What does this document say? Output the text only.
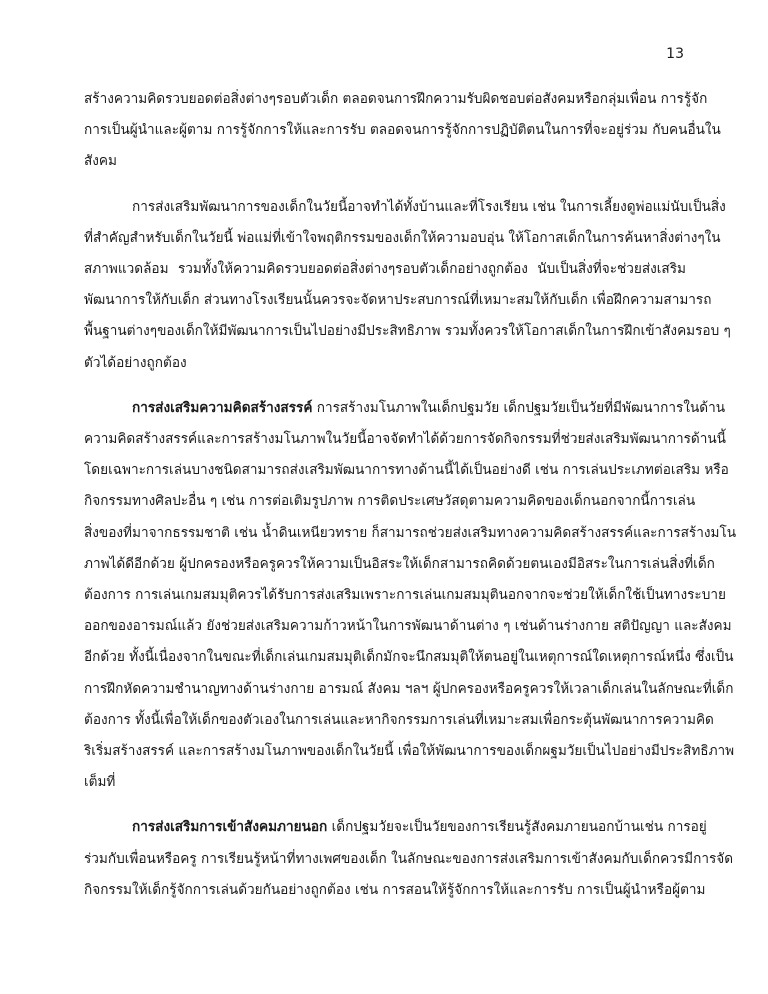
13
สร้างความคิดรวบยอดต่อสิ่งต่างๆรอบตัวเด็ก ตลอดจนการฝึกความรับผิดชอบต่อสังคมหรือกลุ่มเพื่อน การรู้จัก
การเป็นผู้นำและผู้ตาม การรู้จักการให้และการรับ ตลอดจนการรู้จักการปฏิบัติตนในการที่จะอยู่ร่วม กับคนอื่นใน
สังคม
การส่งเสริมพัฒนาการของเด็กในวัยนี้อาจทำได้ทั้งบ้านและที่โรงเรียน เช่น ในการเลี้ยงดูพ่อแม่นับเป็นสิ่ง
ที่สำคัญสำหรับเด็กในวัยนี้ พ่อแม่ที่เข้าใจพฤติกรรมของเด็กให้ความอบอุ่น ให้โอกาสเด็กในการค้นหาสิ่งต่างๆใน
สภาพแวดล้อม รวมทั้งให้ความคิดรวบยอดต่อสิ่งต่างๆรอบตัวเด็กอย่างถูกต้อง นับเป็นสิ่งที่จะช่วยส่งเสริม
พัฒนาการให้กับเด็ก ส่วนทางโรงเรียนนั้นควรจะจัดหาประสบการณ์ที่เหมาะสมให้กับเด็ก เพื่อฝึกความสามารถ
พื้นฐานต่างๆของเด็กให้มีพัฒนาการเป็นไปอย่างมีประสิทธิภาพ รวมทั้งควรให้โอกาสเด็กในการฝึกเข้าสังคมรอบ ๆ
ตัวได้อย่างถูกต้อง
การส่งเสริมความคิดสร้างสรรค์ การสร้างมโนภาพในเด็กปฐมวัย เด็กปฐมวัยเป็นวัยที่มีพัฒนาการในด้าน
ความคิดสร้างสรรค์และการสร้างมโนภาพในวัยนี้อาจจัดทำได้ด้วยการจัดกิจกรรมที่ช่วยส่งเสริมพัฒนาการด้านนี้
โดยเฉพาะการเล่นบางชนิดสามารถส่งเสริมพัฒนาการทางด้านนี้ได้เป็นอย่างดี เช่น การเล่นประเภทต่อเสริม หรือ
กิจกรรมทางศิลปะอื่น ๆ เช่น การต่อเติมรูปภาพ การติดประเศษวัสดุตามความคิดของเด็กนอกจากนี้การเล่น
สิ่งของที่มาจากธรรมชาติ เช่น น้ำดินเหนียวทราย ก็สามารถช่วยส่งเสริมทางความคิดสร้างสรรค์และการสร้างมโน
ภาพได้ดีอีกด้วย ผู้ปกครองหรือครูควรให้ความเป็นอิสระให้เด็กสามารถคิดด้วยตนเองมีอิสระในการเล่นสิ่งที่เด็ก
ต้องการ การเล่นเกมสมมุติควรได้รับการส่งเสริมเพราะการเล่นเกมสมมุตินอกจากจะช่วยให้เด็กใช้เป็นทางระบาย
ออกของอารมณ์แล้ว ยังช่วยส่งเสริมความก้าวหน้าในการพัฒนาด้านต่าง ๆ เช่นด้านร่างกาย สติปัญญา และสังคม
อีกด้วย ทั้งนี้เนื่องจากในขณะที่เด็กเล่นเกมสมมุติเด็กมักจะนึกสมมุติให้ตนอยู่ในเหตุการณ์ใดเหตุการณ์หนึ่ง ซึ่งเป็น
การฝึกหัดความชำนาญทางด้านร่างกาย อารมณ์ สังคม ฯลฯ ผู้ปกครองหรือครูควรให้เวลาเด็กเล่นในลักษณะที่เด็ก
ต้องการ ทั้งนี้เพื่อให้เด็กของตัวเองในการเล่นและหากิจกรรมการเล่นที่เหมาะสมเพื่อกระตุ้นพัฒนาการความคิด
ริเริ่มสร้างสรรค์ และการสร้างมโนภาพของเด็กในวัยนี้ เพื่อให้พัฒนาการของเด็กผฐมวัยเป็นไปอย่างมีประสิทธิภาพ
เต็มที่
การส่งเสริมการเข้าสังคมภายนอก เด็กปฐมวัยจะเป็นวัยของการเรียนรู้สังคมภายนอกบ้านเช่น การอยู่
ร่วมกับเพื่อนหรือครู การเรียนรู้หน้าที่ทางเพศของเด็ก ในลักษณะของการส่งเสริมการเข้าสังคมกับเด็กควรมีการจัด
กิจกรรมให้เด็กรู้จักการเล่นด้วยกันอย่างถูกต้อง เช่น การสอนให้รู้จักการให้และการรับ การเป็นผู้นำหรือผู้ตาม
